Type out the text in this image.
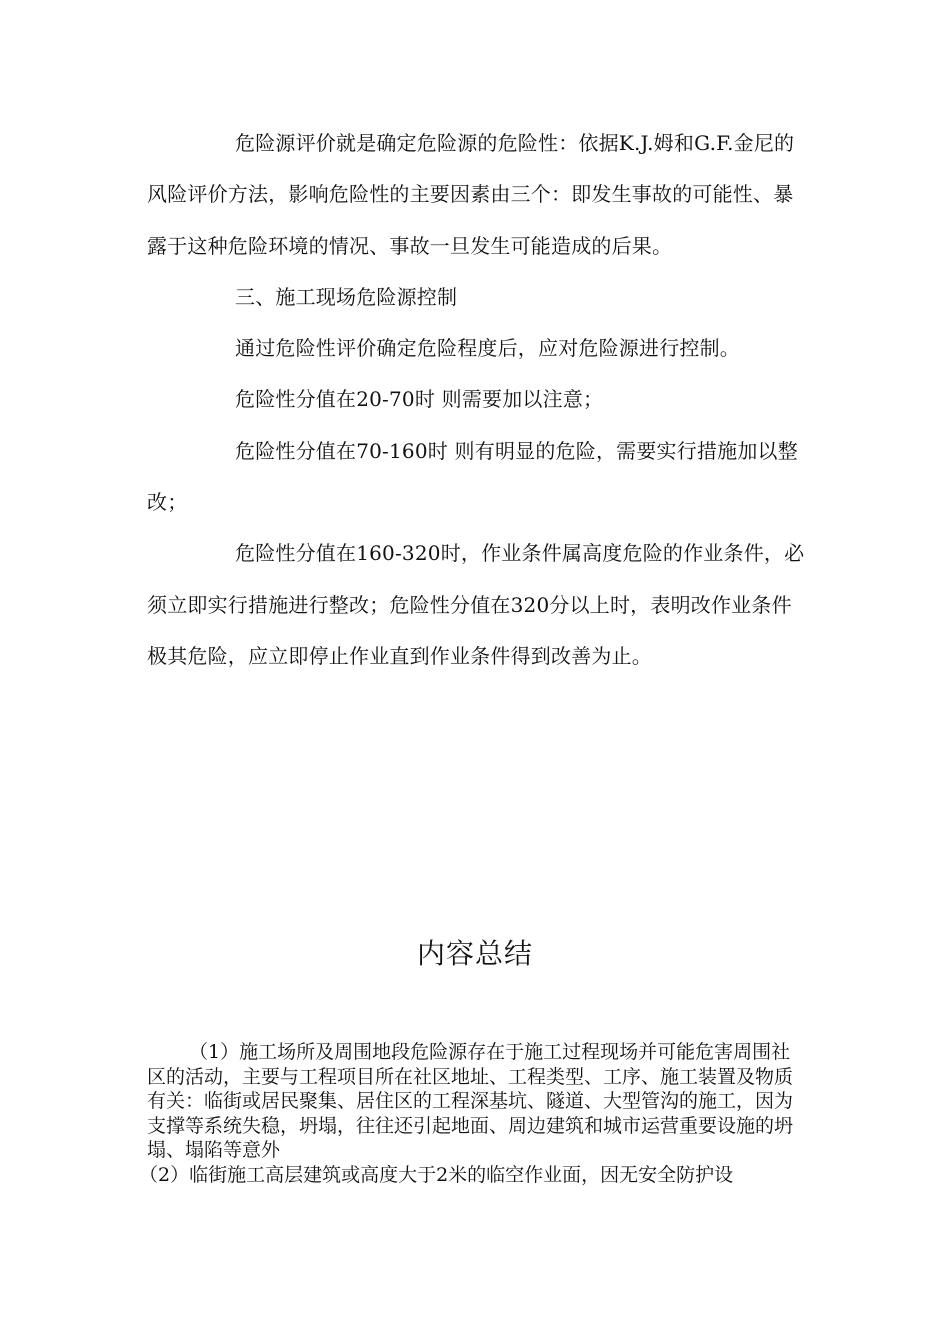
危险源评价就是确定危险源的危险性：依据K.J.姆和G.F.金尼的风险评价方法，影响危险性的主要因素由三个：即发生事故的可能性、暴露于这种危险环境的情况、事故一旦发生可能造成的后果。

三、施工现场危险源控制

通过危险性评价确定危险程度后，应对危险源进行控制。

危险性分值在20-70时 则需要加以注意；

危险性分值在70-160时 则有明显的危险，需要实行措施加以整改；

危险性分值在160-320时，作业条件属高度危险的作业条件，必须立即实行措施进行整改；危险性分值在320分以上时，表明改作业条件极其危险，应立即停止作业直到作业条件得到改善为止。

内容总结

（1）施工场所及周围地段危险源存在于施工过程现场并可能危害周围社区的活动，主要与工程项目所在社区地址、工程类型、工序、施工装置及物质有关：临街或居民聚集、居住区的工程深基坑、隧道、大型管沟的施工，因为支撑等系统失稳，坍塌，往往还引起地面、周边建筑和城市运营重要设施的坍塌、塌陷等意外

（2）临街施工高层建筑或高度大于2米的临空作业面，因无安全防护设
